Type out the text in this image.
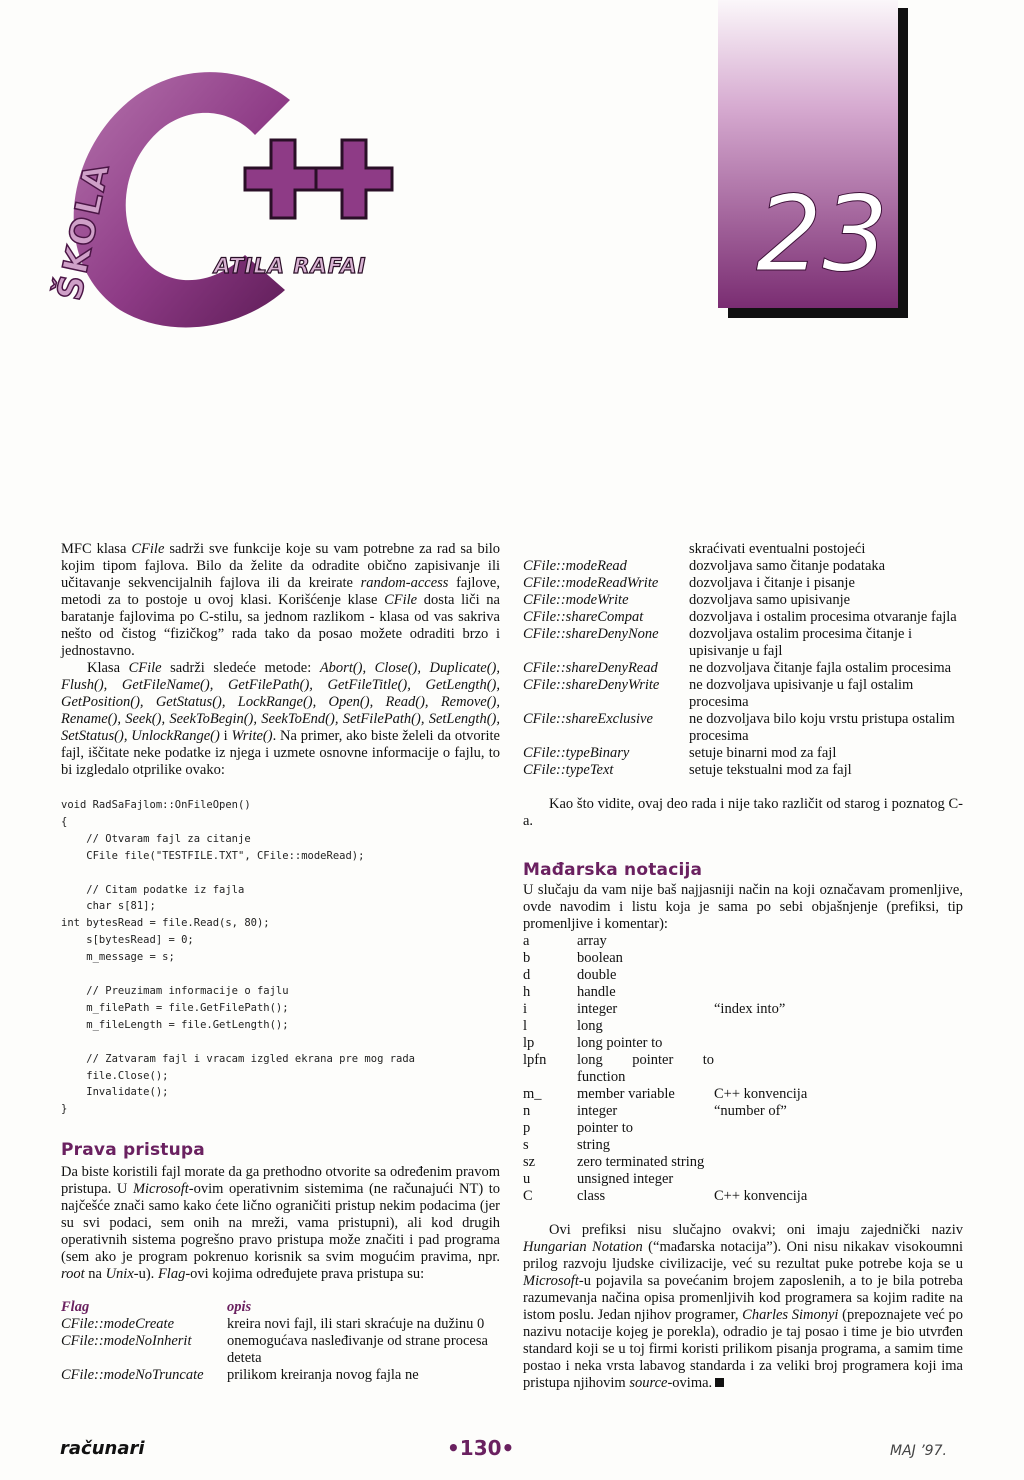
ŠKOLA	ATILA RAFAI	23

MFC klasa CFile sadrži sve funkcije koje su vam potrebne za rad sa bilo kojim tipom fajlova. Bilo da želite da odradite obično zapisivanje ili učitavanje sekvencijalnih fajlova ili da kreirate random-access fajlove, metodi za to postoje u ovoj klasi. Korišćenje klase CFile dosta liči na baratanje fajlovima po C-stilu, sa jednom razlikom - klasa od vas sakriva nešto od čistog “fizičkog” rada tako da posao možete odraditi brzo i jednostavno.

Klasa CFile sadrži sledeće metode: Abort(), Close(), Duplicate(), Flush(), GetFileName(), GetFilePath(), GetFileTitle(), GetLength(), GetPosition(), GetStatus(), LockRange(), Open(), Read(), Remove(), Rename(), Seek(), SeekToBegin(), SeekToEnd(), SetFilePath(), SetLength(), SetStatus(), UnlockRange() i Write(). Na primer, ako biste želeli da otvorite fajl, iščitate neke podatke iz njega i uzmete osnovne informacije o fajlu, to bi izgledalo otprilike ovako:

void RadSaFajlom::OnFileOpen()
{
// Otvaram fajl za citanje
CFile file("TESTFILE.TXT", CFile::modeRead);

// Citam podatke iz fajla
char s[81];
int bytesRead = file.Read(s, 80);
s[bytesRead] = 0;
m_message = s;

// Preuzimam informacije o fajlu
m_filePath = file.GetFilePath();
m_fileLength = file.GetLength();

// Zatvaram fajl i vracam izgled ekrana pre mog rada
file.Close();
Invalidate();
}
Prava pristupa

Da biste koristili fajl morate da ga prethodno otvorite sa određenim pravom pristupa. U Microsoft-ovim operativnim sistemima (ne računajući NT) to najčešće znači samo kako ćete lično ograničiti pristup nekim podacima (jer su svi podaci, sem onih na mreži, vama pristupni), ali kod drugih operativnih sistema pogrešno pravo pristupa može značiti i pad programa (sem ako je program pokrenuo korisnik sa svim mogućim pravima, npr. root na Unix-u). Flag-ovi kojima određujete prava pristupa su:

Flag	opis
CFile::modeCreate	kreira novi fajl, ili stari skraćuje na dužinu 0
CFile::modeNoInherit	onemogućava nasleđivanje od strane procesa deteta
CFile::modeNoTruncate	prilikom kreiranja novog fajla ne
	skraćivati eventualni postojeći
CFile::modeRead	dozvoljava samo čitanje podataka
CFile::modeReadWrite	dozvoljava i čitanje i pisanje
CFile::modeWrite	dozvoljava samo upisivanje
CFile::shareCompat	dozvoljava i ostalim procesima otvaranje fajla
CFile::shareDenyNone	dozvoljava ostalim procesima čitanje i upisivanje u fajl
CFile::shareDenyRead	ne dozvoljava čitanje fajla ostalim procesima
CFile::shareDenyWrite	ne dozvoljava upisivanje u fajl ostalim procesima
CFile::shareExclusive	ne dozvoljava bilo koju vrstu pristupa ostalim procesima
CFile::typeBinary	setuje binarni mod za fajl
CFile::typeText	setuje tekstualni mod za fajl

Kao što vidite, ovaj deo rada i nije tako različit od starog i poznatog C-a.

Mađarska notacija

U slučaju da vam nije baš najjasniji način na koji označavam promenljive, ovde navodim i listu koja je sama po sebi objašnjenje (prefiksi, tip promenljive i komentar):

a	array	
b	boolean	
d	double	
h	handle	
i	integer	“index into”
l	long	
lp	long pointer to	
lpfn	long pointer to function	
m_	member variable	C++ konvencija
n	integer	“number of”
p	pointer to	
s	string	
sz	zero terminated string	
u	unsigned integer	
C	class	C++ konvencija

Ovi prefiksi nisu slučajno ovakvi; oni imaju zajednički naziv Hungarian Notation (“mađarska notacija”). Oni nisu nikakav visokoumni prilog razvoju ljudske civilizacije, već su rezultat puke potrebe koja se u Microsoft-u pojavila sa povećanim brojem zaposlenih, a to je bila potreba razumevanja načina opisa promenljivih kod programera sa kojim radite na istom poslu. Jedan njihov programer, Charles Simonyi (prepoznajete već po nazivu notacije kojeg je porekla), odradio je taj posao i time je bio utvrđen standard koji se u toj firmi koristi prilikom pisanja programa, a samim time postao i neka vrsta labavog standarda i za veliki broj programera koji ima pristupa njihovim source-ovima.

računari	•130•	MAJ ’97.
